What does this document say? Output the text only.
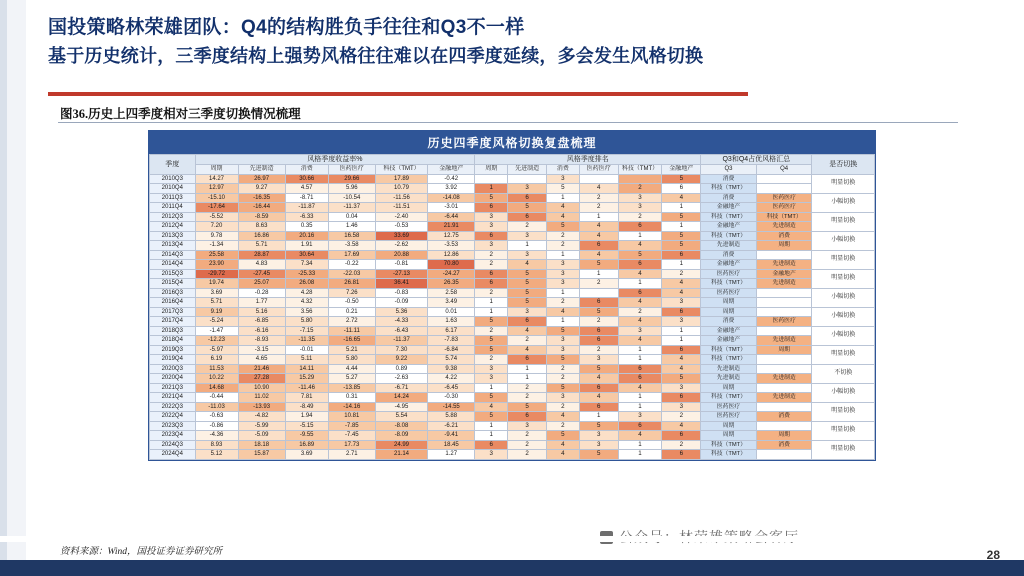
国投策略林荣雄团队：Q4的结构胜负手往往和Q3不一样
基于历史统计，三季度结构上强势风格往往难以在四季度延续，多会发生风格切换
图36.历史上四季度相对三季度切换情况梳理
历史四季度风格切换复盘梳理
季度	风格季度收益率%						风格季度排名						Q3和Q4占优风格汇总		是否切换
	周期	先进制造	消费	医药医疗	科技（TMT）	金融地产	周期	先进制造	消费	医药医疗	科技（TMT）	金融地产	Q3	Q4	
2010Q3	14.27	26.97	30.66	29.66	17.89	-0.42			3			5	消费		明显切换
2010Q4	12.97	9.27	4.57	5.96	10.79	3.92	1	3	5	4	2	6	科技（TMT）		
2011Q3	-15.10	-16.35	-8.71	-10.54	-11.56	-14.08	5	6	1	2	3	4	消费	医药医疗	小幅切换
2011Q4	-17.64	-16.44	-11.87	-11.37	-11.51	-3.01	6	5	4	2	3	1	金融地产	医药医疗	
2012Q3	-5.52	-8.59	-6.33	0.04	-2.40	-6.44	3	6	4	1	2	5	科技（TMT）	科技（TMT）	明显切换
2012Q4	7.20	8.63	0.35	1.46	-0.53	21.91	3	2	5	4	6	1	金融地产	先进制造	
2013Q3	9.78	16.86	20.16	16.58	33.69	12.75	6	3	2	4	1	5	科技（TMT）	消费	小幅切换
2013Q4	-1.34	5.71	1.91	-3.58	-2.62	-3.53	3	1	2	6	4	5	先进制造	周期	
2014Q3	25.58	28.87	30.64	17.69	20.88	12.86	2	3	1	4	5	6	消费		明显切换
2014Q4	23.90	4.83	7.34	-0.22	-0.81	70.80	2	4	3	5	6	1	金融地产	先进制造	
2015Q3	-29.72	-27.45	-25.33	-22.03	-27.13	-24.27	6	5	3	1	4	2	医药医疗	金融地产	明显切换
2015Q4	19.74	25.07	26.08	26.81	36.41	26.35	6	5	3	2	1	4	科技（TMT）	先进制造	
2016Q3	3.69	-0.28	4.28	7.26	-0.83	2.58	2	5	1		6	4	医药医疗		小幅切换
2016Q4	5.71	1.77	4.32	-0.50	-0.09	3.49	1	5	2	6	4	3	周期		
2017Q3	9.19	5.16	3.56	0.21	5.36	0.01	1	3	4	5	2	6	周期		小幅切换
2017Q4	-5.24	-6.85	5.80	2.72	-4.33	1.63	5	6	1	2	4	3	消费	医药医疗	
2018Q3	-1.47	-6.16	-7.15	-11.11	-6.43	6.17	2	4	5	6	3	1	金融地产		小幅切换
2018Q4	-12.23	-8.93	-11.35	-16.65	-11.37	-7.83	5	2	3	6	4	1	金融地产	先进制造	
2019Q3	-5.97	-3.15	-0.01	5.21	7.30	-6.84	5	4	3	2	1	6	科技（TMT）	周期	明显切换
2019Q4	6.19	4.65	5.11	5.80	9.22	5.74	2	6	5	3	1	4	科技（TMT）		
2020Q3	11.53	21.46	14.11	4.44	0.89	9.38	3	1	2	5	6	4	先进制造		不切换
2020Q4	10.22	27.28	15.29	5.27	-2.63	4.22	3	1	2	4	6	5	先进制造	先进制造	
2021Q3	14.68	10.90	-11.46	-13.85	-6.71	-6.45	1	2	5	6	4	3	周期		小幅切换
2021Q4	-0.44	11.02	7.81	0.31	14.24	-0.30	5	2	3	4	1	6	科技（TMT）	先进制造	
2022Q3	-11.03	-13.93	-8.49	-14.16	-4.95	-14.55	4	5	2	6	1	3	医药医疗		明显切换
2022Q4	-0.63	-4.82	1.94	10.81	5.54	5.88	5	6	4	1	3	2	医药医疗	消费	
2023Q3	-0.86	-5.99	-5.15	-7.85	-8.08	-6.21	1	3	2	5	6	4	周期		明显切换
2023Q4	-4.36	-5.09	-9.55	-7.45	-8.09	-9.41	1	2	5	3	4	6	周期	周期	
2024Q3	8.93	18.18	16.89	17.73	24.99	18.45	6	2	4	3	1	2	科技（TMT）	消费	明显切换
2024Q4	5.12	15.87	3.69	2.71	21.14	1.27	3	2	4	5	1	6	科技（TMT）		
资料来源：Wind，国投证券证券研究所	28
